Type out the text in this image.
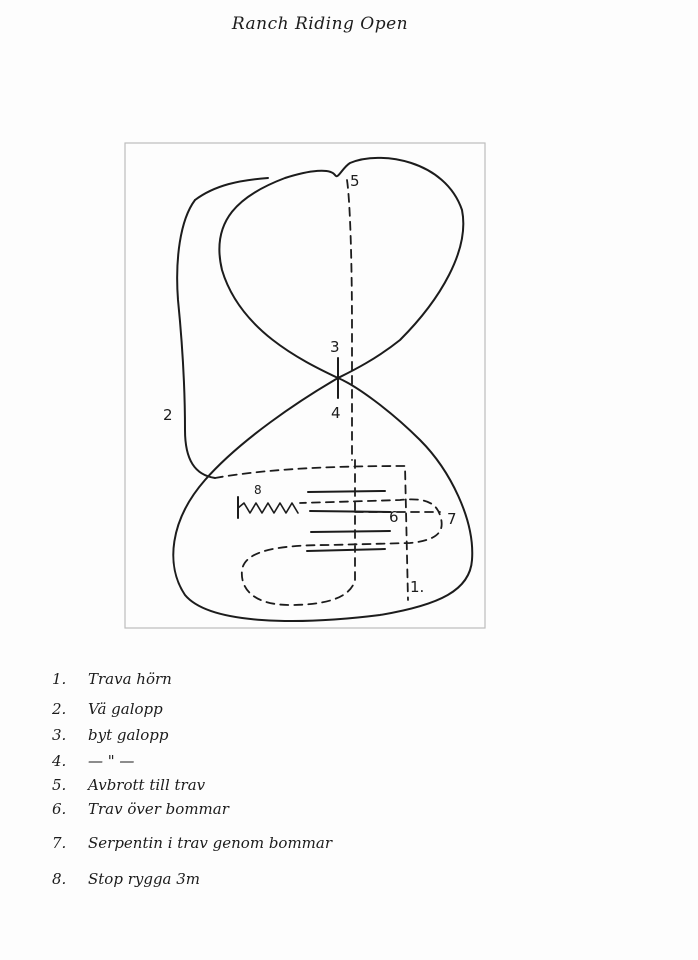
Ranch Riding Open
1.
2
3
4
5
6	7
8
1. Trava hörn
2. Vä galopp
3. byt galopp
4. — " —
5. Avbrott till trav
6. Trav över bommar
7. Serpentin i trav genom bommar
8. Stop rygga 3m
